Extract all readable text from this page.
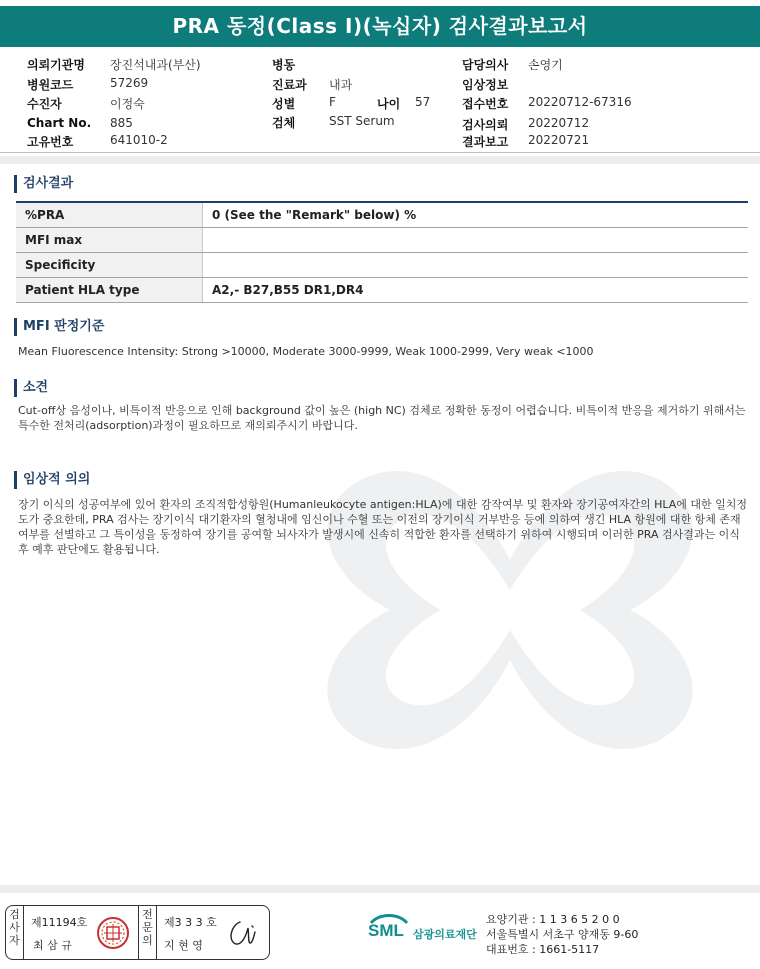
PRA 동정(Class I)(녹십자) 검사결과보고서
의뢰기관명 장진석내과(부산)
병원코드	57269
수진자	이정숙
Chart No. 885
고유번호	641010-2
병동
진료과 내과
성별	F	나이 57
검체	SST Serum
담당의사 손영기
임상정보
접수번호 20220712-67316
검사의뢰 20220712
결과보고 20220721
검사결과
%PRA	0 (See the "Remark" below) %
MFI max	
Specificity	
Patient HLA type	A2,- B27,B55 DR1,DR4
MFI 판정기준
Mean Fluorescence Intensity: Strong >10000, Moderate 3000-9999, Weak 1000-2999, Very weak <1000
소견
Cut-off상 음성이나, 비특이적 반응으로 인해 background 값이 높은 (high NC) 검체로 정확한 동정이 어렵습니다. 비특이적 반응을 제거하기 위해서는 특수한 전처리(adsorption)과정이 필요하므로 재의뢰주시기 바랍니다.
임상적 의의
장기 이식의 성공여부에 있어 환자의 조직적합성항원(Humanleukocyte antigen:HLA)에 대한 감작여부 및 환자와 장기공여자간의 HLA에 대한 일치정도가 중요한데, PRA 검사는 장기이식 대기환자의 혈청내에 임신이나 수혈 또는 이전의 장기이식 거부반응 등에 의하여 생긴 HLA 항원에 대한 항체 존재 여부를 선별하고 그 특이성을 동정하여 장기를 공여할 뇌사자가 발생시에 신속히 적합한 환자를 선택하기 위하여 시행되며 이러한 PRA 검사결과는 이식 후 예후 판단에도 활용됩니다.
검
사
자
제11194호
최 삼 규
전
문
의
제3 3 3 호
지 현 영
SML 삼광의료재단
요양기관 : 1 1 3 6 5 2 0 0
서울특별시 서초구 양재동 9-60
대표번호 : 1661-5117
